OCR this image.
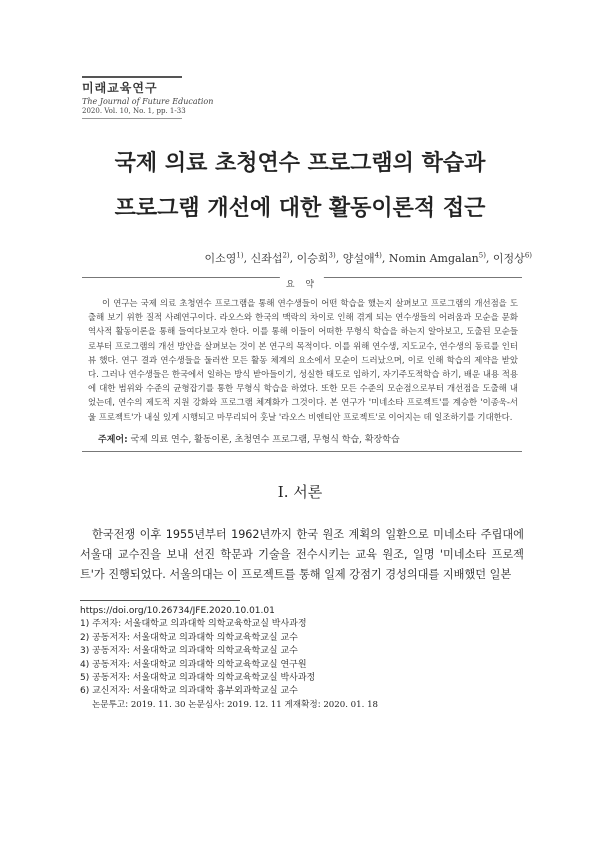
미래교육연구
The Journal of Future Education
2020. Vol. 10, No. 1, pp. 1-33
국제 의료 초청연수 프로그램의 학습과
프로그램 개선에 대한 활동이론적 접근
이소영$^{1)}$, 신좌섭$^{2)}$, 이승희$^{3)}$, 양설애$^{4)}$, Nomin Amgalan$^{5)}$, 이정상$^{6)}$
요 약

이 연구는 국제 의료 초청연수 프로그램을 통해 연수생들이 어떤 학습을 했는지 살펴보고 프로그램의 개선점을 도출해 보기 위한 질적 사례연구이다. 라오스와 한국의 맥락의 차이로 인해 겪게 되는 연수생들의 어려움과 모순을 문화 역사적 활동이론을 통해 들여다보고자 한다. 이를 통해 이들이 어떠한 무형식 학습을 하는지 알아보고, 도출된 모순들로부터 프로그램의 개선 방안을 살펴보는 것이 본 연구의 목적이다. 이를 위해 연수생, 지도교수, 연수생의 동료를 인터뷰 했다. 연구 결과 연수생들을 둘러싼 모든 활동 체계의 요소에서 모순이 드러났으며, 이로 인해 학습의 제약을 받았다. 그러나 연수생들은 한국에서 일하는 방식 받아들이기, 성실한 태도로 임하기, 자기주도적학습 하기, 배운 내용 적용에 대한 범위와 수준의 균형잡기를 통한 무형식 학습을 하였다. 또한 모든 수준의 모순점으로부터 개선점을 도출해 내었는데, 연수의 제도적 지원 강화와 프로그램 체계화가 그것이다. 본 연구가 '미네소타 프로젝트'를 계승한 '이종욱-서울 프로젝트'가 내실 있게 시행되고 마무리되어 훗날 '라오스 비엔티안 프로젝트'로 이어지는 데 일조하기를 기대한다.

주제어: 국제 의료 연수, 활동이론, 초청연수 프로그램, 무형식 학습, 확장학습
Ⅰ. 서론

한국전쟁 이후 1955년부터 1962년까지 한국 원조 계획의 일환으로 미네소타 주립대에 서울대 교수진을 보내 선진 학문과 기술을 전수시키는 교육 원조, 일명 '미네소타 프로젝트'가 진행되었다. 서울의대는 이 프로젝트를 통해 일제 강점기 경성의대를 지배했던 일본

https://doi.org/10.26734/JFE.2020.10.01.01
1) 주저자: 서울대학교 의과대학 의학교육학교실 박사과정
2) 공동저자: 서울대학교 의과대학 의학교육학교실 교수
3) 공동저자: 서울대학교 의과대학 의학교육학교실 교수
4) 공동저자: 서울대학교 의과대학 의학교육학교실 연구원
5) 공동저자: 서울대학교 의과대학 의학교육학교실 박사과정
6) 교신저자: 서울대학교 의과대학 흉부외과학교실 교수
논문투고: 2019. 11. 30 논문심사: 2019. 12. 11 게재확정: 2020. 01. 18
